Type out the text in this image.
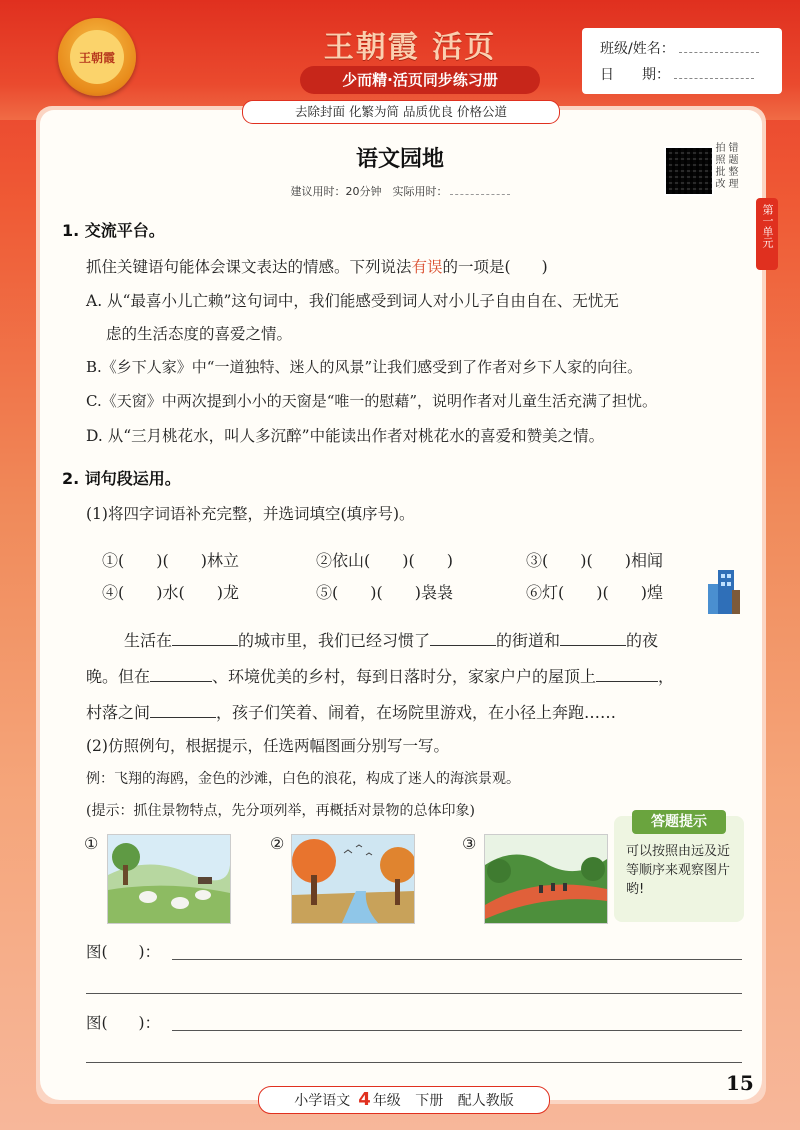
王朝霞	王朝霞 活页
少而精·活页同步练习册
班级/姓名：
日　　期：
去除封面 化繁为简 品质优良 价格公道
第一单元
语文园地
建议用时：20分钟　实际用时：
拍 错 照 题 批 整 改 理
1. 交流平台。
抓住关键语句能体会课文表达的情感。下列说法有误的一项是(　　)
A. 从“最喜小儿亡赖”这句词中，我们能感受到词人对小儿子自由自在、无忧无
虑的生活态度的喜爱之情。
B.《乡下人家》中“一道独特、迷人的风景”让我们感受到了作者对乡下人家的向往。
C.《天窗》中两次提到小小的天窗是“唯一的慰藉”，说明作者对儿童生活充满了担忧。
D. 从“三月桃花水，叫人多沉醉”中能读出作者对桃花水的喜爱和赞美之情。
2. 词句段运用。
(1)将四字词语补充完整，并选词填空(填序号)。
①(　　)(　　)林立	②依山(　　)(　　)	③(　　)(　　)相闻
④(　　)水(　　)龙	⑤(　　)(　　)袅袅	⑥灯(　　)(　　)煌
生活在	的城市里，我们已经习惯了	的街道和	的夜
晚。但在	、环境优美的乡村，每到日落时分，家家户户的屋顶上	，
村落之间	，孩子们笑着、闹着，在场院里游戏，在小径上奔跑……
(2)仿照例句，根据提示，任选两幅图画分别写一写。
例：飞翔的海鸥，金色的沙滩，白色的浪花，构成了迷人的海滨景观。
(提示：抓住景物特点，先分项列举，再概括对景物的总体印象)
①	②	③
答题提示
可以按照由远及近等顺序来观察图片哟!
图(　　)：
图(　　)：
15
小学语文 4 年级 下册 配人教版
